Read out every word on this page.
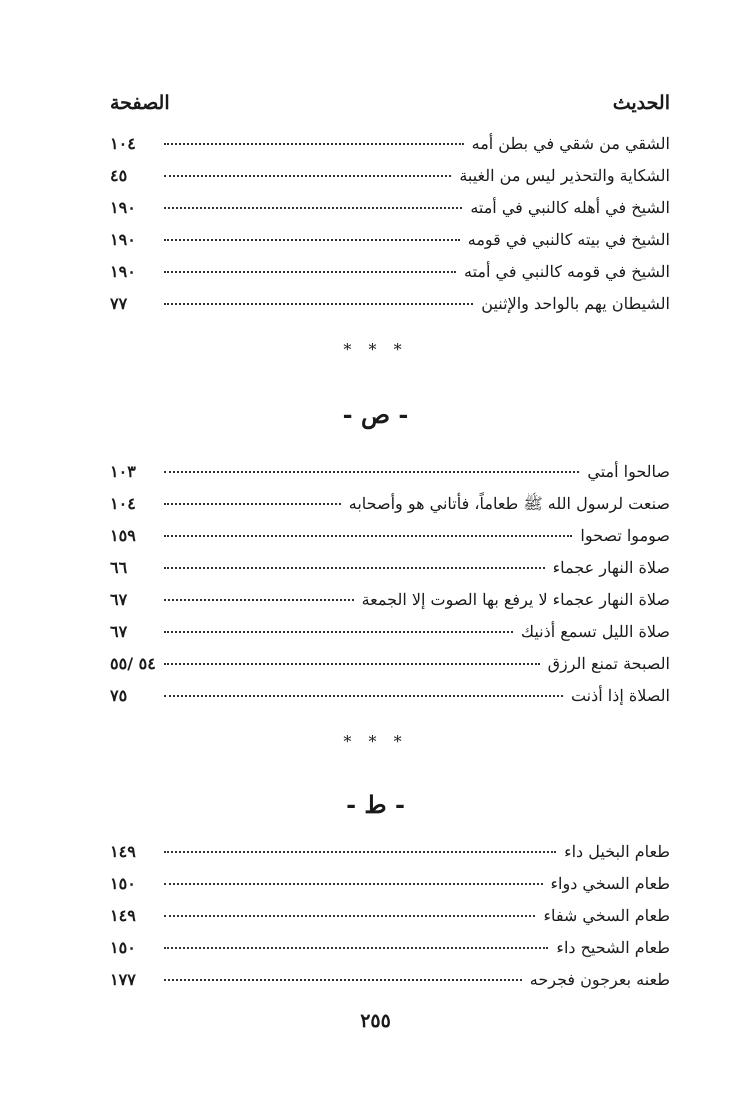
الحديث
الصفحة
الشقي من شقي في بطن أمه
١٠٤
الشكاية والتحذير ليس من الغيبة
٤٥
الشيخ في أهله كالنبي في أمته
١٩٠
الشيخ في بيته كالنبي في قومه
١٩٠
الشيخ في قومه كالنبي في أمته
١٩٠
الشيطان يهم بالواحد والإثنين
٧٧
* * *
- ص -
صالحوا أمتي
١٠٣
صنعت لرسول الله ﷺ طعاماً، فأتاني هو وأصحابه
١٠٤
صوموا تصحوا
١٥٩
صلاة النهار عجماء
٦٦
صلاة النهار عجماء لا يرفع بها الصوت إلا الجمعة
٦٧
صلاة الليل تسمع أذنيك
٦٧
الصبحة تمنع الرزق
٥٤ /٥٥
الصلاة إذا أذنت
٧٥
* * *
- ط -
طعام البخيل داء
١٤٩
طعام السخي دواء
١٥٠
طعام السخي شفاء
١٤٩
طعام الشحيح داء
١٥٠
طعنه بعرجون فجرحه
١٧٧
٢٥٥
